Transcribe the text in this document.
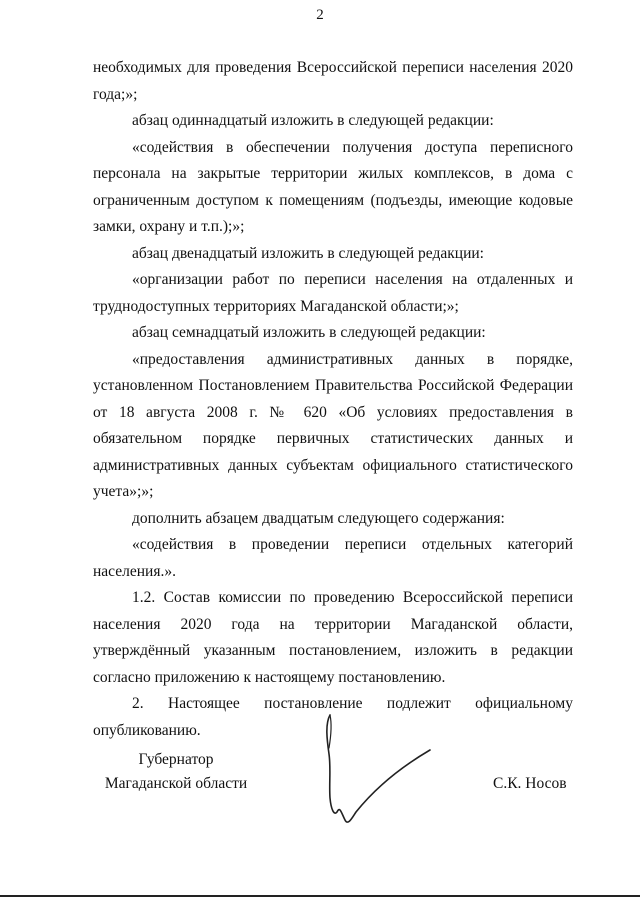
2

необходимых для проведения Всероссийской переписи населения 2020 года;»;

абзац одиннадцатый изложить в следующей редакции:

«содействия в обеспечении получения доступа переписного персонала на закрытые территории жилых комплексов, в дома с ограниченным доступом к помещениям (подъезды, имеющие кодовые замки, охрану и т.п.);»;

абзац двенадцатый изложить в следующей редакции:

«организации работ по переписи населения на отдаленных и труднодоступных территориях Магаданской области;»;

абзац семнадцатый изложить в следующей редакции:

«предоставления административных данных в порядке, установленном Постановлением Правительства Российской Федерации от 18 августа 2008 г. № 620 «Об условиях предоставления в обязательном порядке первичных статистических данных и административных данных субъектам официального статистического учета»;»;

дополнить абзацем двадцатым следующего содержания:

«содействия в проведении переписи отдельных категорий населения.».

1.2. Состав комиссии по проведению Всероссийской переписи населения 2020 года на территории Магаданской области, утверждённый указанным постановлением, изложить в редакции согласно приложению к настоящему постановлению.

2. Настоящее постановление подлежит официальному опубликованию.

Губернатор
Магаданской области	С.К. Носов
